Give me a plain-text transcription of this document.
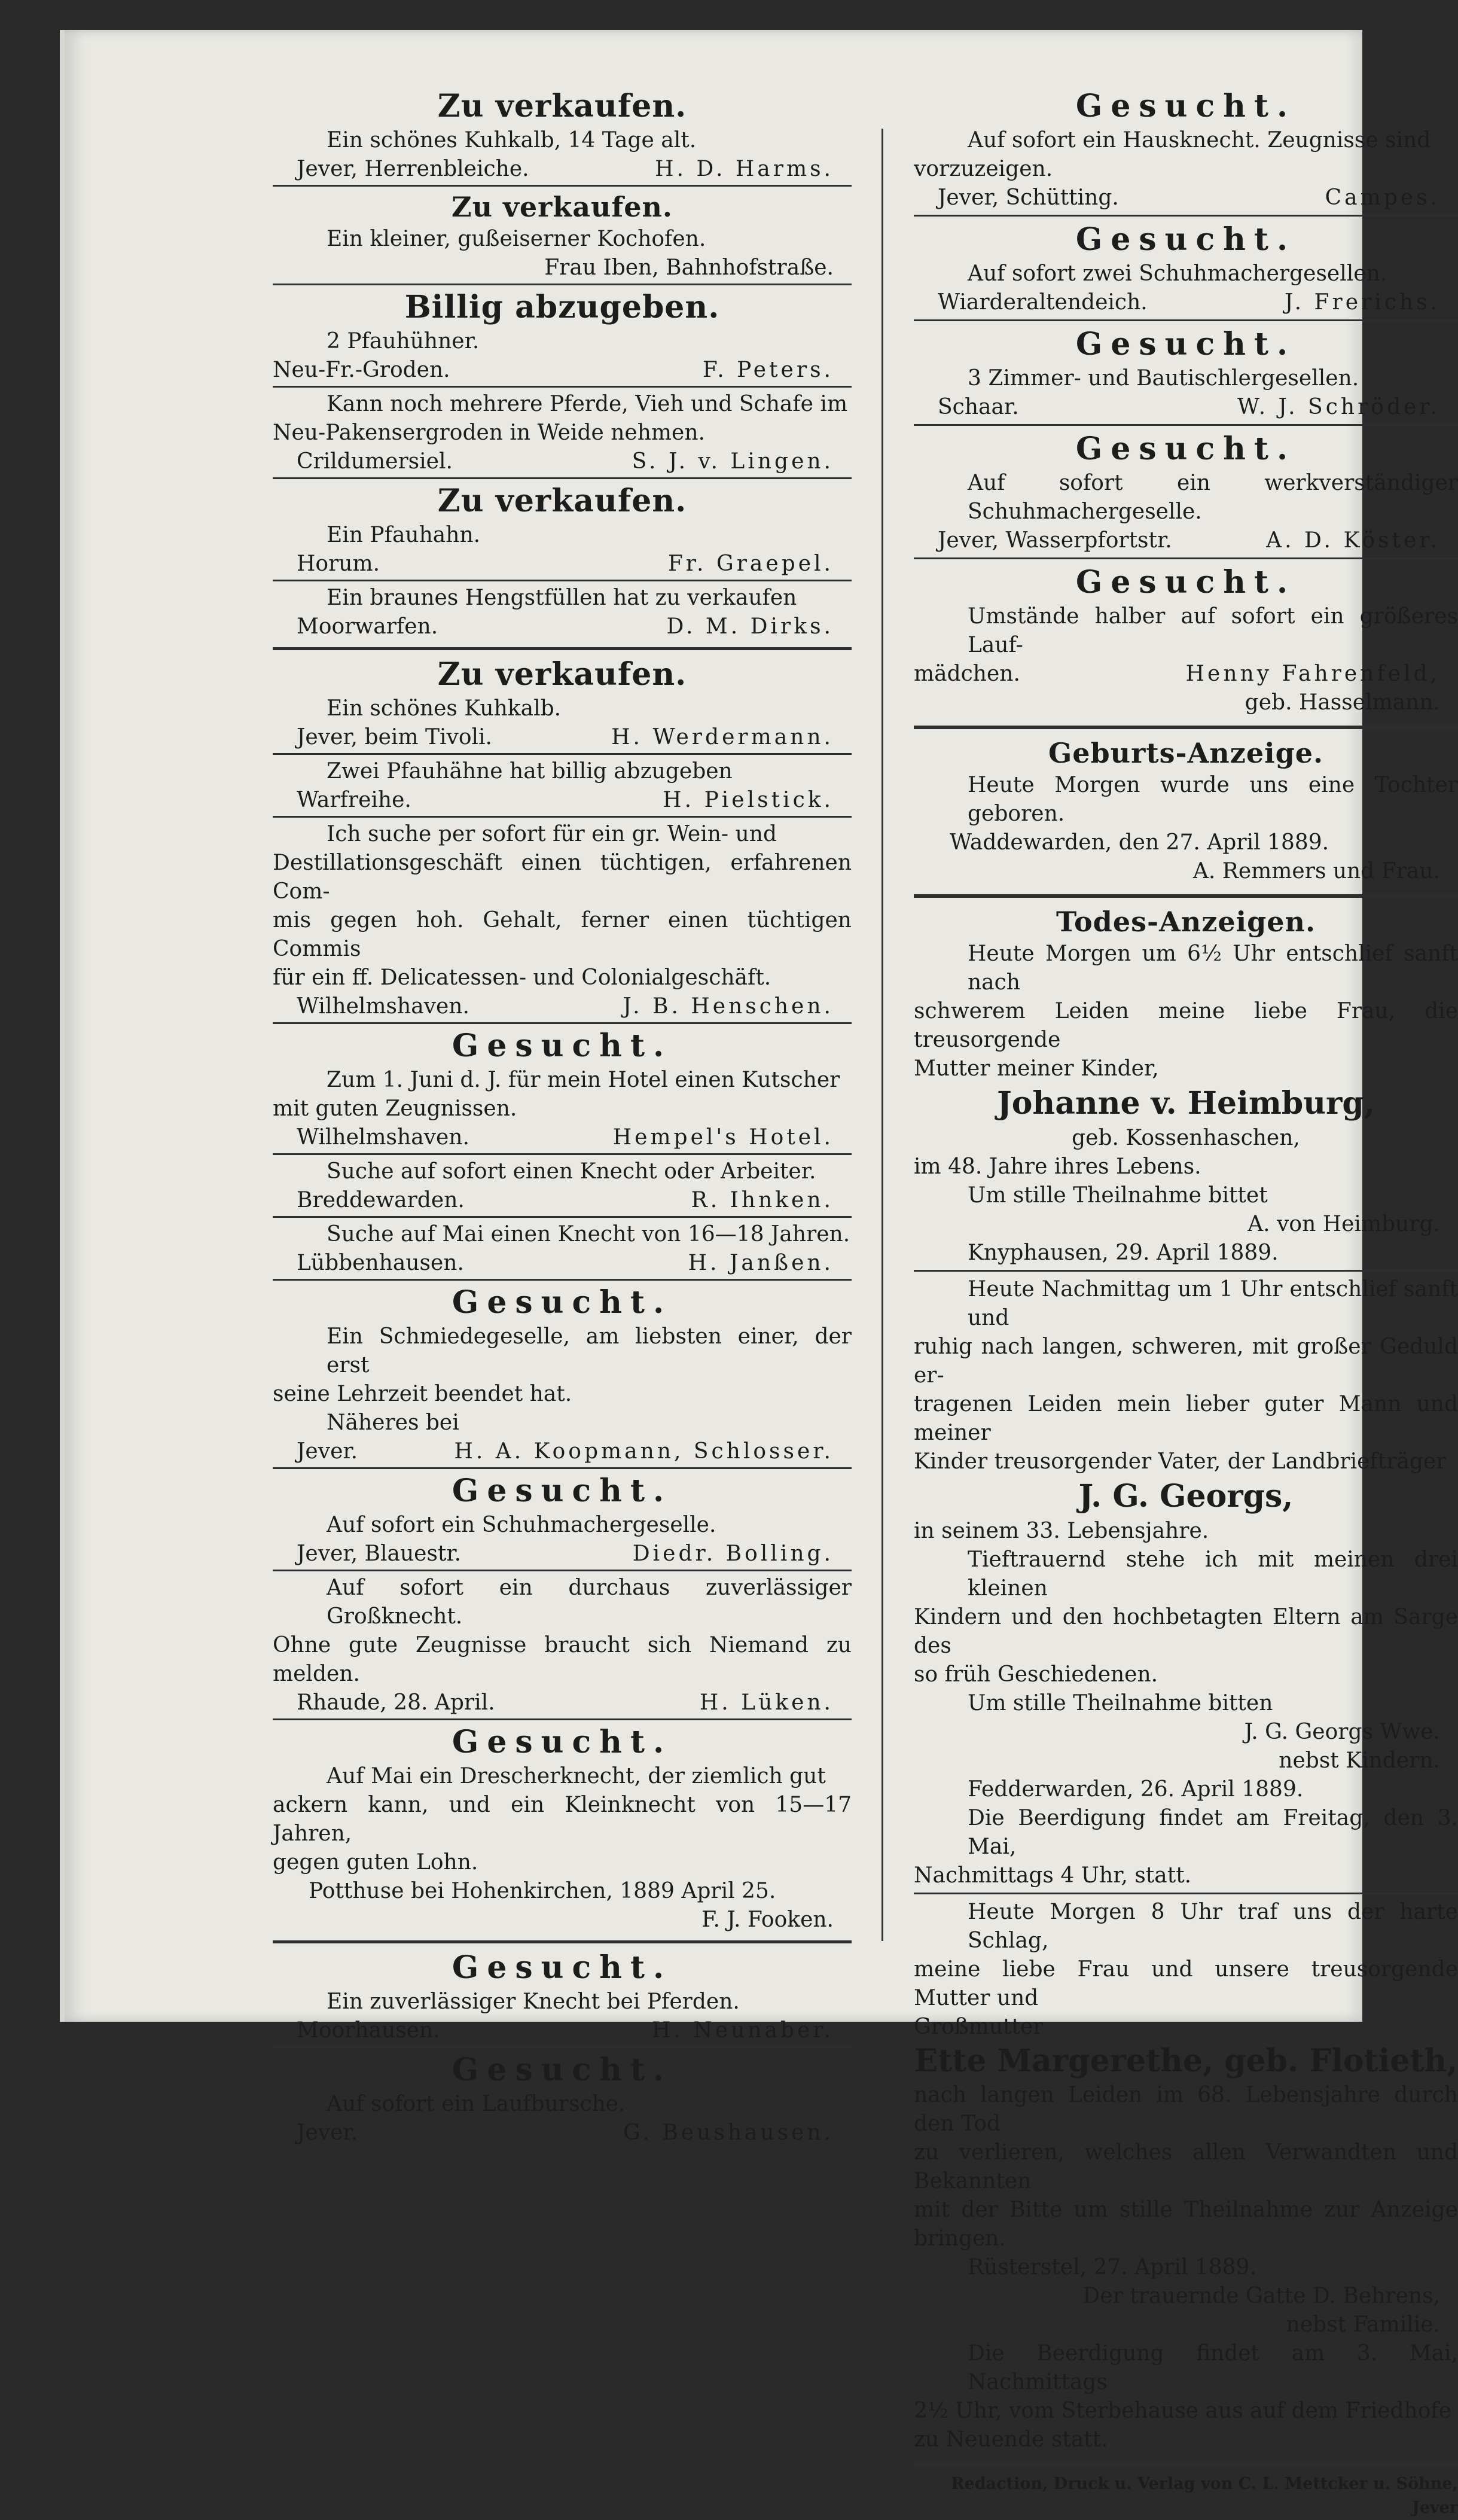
Zu verkaufen.
Ein schönes Kuhkalb, 14 Tage alt.
Jever, Herrenbleiche.	H. D. Harms.
Zu verkaufen.
Ein kleiner, gußeiserner Kochofen.
Frau Iben, Bahnhofstraße.
Billig abzugeben.
2 Pfauhühner.
Neu-Fr.-Groden.	F. Peters.
Kann noch mehrere Pferde, Vieh und Schafe im
Neu-Pakensergroden in Weide nehmen.
Crildumersiel.	S. J. v. Lingen.
Zu verkaufen.
Ein Pfauhahn.
Horum.	Fr. Graepel.
Ein braunes Hengstfüllen hat zu verkaufen
Moorwarfen.	D. M. Dirks.
Zu verkaufen.
Ein schönes Kuhkalb.
Jever, beim Tivoli.	H. Werdermann.
Zwei Pfauhähne hat billig abzugeben
Warfreihe.	H. Pielstick.
Ich suche per sofort für ein gr. Wein- und
Destillationsgeschäft einen tüchtigen, erfahrenen Com-
mis gegen hoh. Gehalt, ferner einen tüchtigen Commis
für ein ff. Delicatessen- und Colonialgeschäft.
Wilhelmshaven.	J. B. Henschen.
Gesucht.
Zum 1. Juni d. J. für mein Hotel einen Kutscher
mit guten Zeugnissen.
Wilhelmshaven.	Hempel's Hotel.
Suche auf sofort einen Knecht oder Arbeiter.
Breddewarden.	R. Ihnken.
Suche auf Mai einen Knecht von 16—18 Jahren.
Lübbenhausen.	H. Janßen.
Gesucht.
Ein Schmiedegeselle, am liebsten einer, der erst
seine Lehrzeit beendet hat.
Näheres bei
Jever.	H. A. Koopmann, Schlosser.
Gesucht.
Auf sofort ein Schuhmachergeselle.
Jever, Blauestr.	Diedr. Bolling.
Auf sofort ein durchaus zuverlässiger Großknecht.
Ohne gute Zeugnisse braucht sich Niemand zu melden.
Rhaude, 28. April.	H. Lüken.
Gesucht.
Auf Mai ein Drescherknecht, der ziemlich gut
ackern kann, und ein Kleinknecht von 15—17 Jahren,
gegen guten Lohn.
Potthuse bei Hohenkirchen, 1889 April 25.
F. J. Fooken.
Gesucht.
Ein zuverlässiger Knecht bei Pferden.
Moorhausen.	H. Neunaber.
Gesucht.
Auf sofort ein Laufbursche.
Jever.	G. Beushausen.
Gesucht.
Auf sofort ein Hausknecht. Zeugnisse sind
vorzuzeigen.
Jever, Schütting.	Campes.
Gesucht.
Auf sofort zwei Schuhmachergesellen.
Wiarderaltendeich.	J. Frerichs.
Gesucht.
3 Zimmer- und Bautischlergesellen.
Schaar.	W. J. Schröder.
Gesucht.
Auf sofort ein werkverständiger Schuhmachergeselle.
Jever, Wasserpfortstr.	A. D. Köster.
Gesucht.
Umstände halber auf sofort ein größeres Lauf-
mädchen.	Henny Fahrenfeld,
geb. Hasselmann.
Geburts-Anzeige.
Heute Morgen wurde uns eine Tochter geboren.
Waddewarden, den 27. April 1889.
A. Remmers und Frau.
Todes-Anzeigen.
Heute Morgen um 6½ Uhr entschlief sanft nach
schwerem Leiden meine liebe Frau, die treusorgende
Mutter meiner Kinder,
Johanne v. Heimburg,
geb. Kossenhaschen,
im 48. Jahre ihres Lebens.
Um stille Theilnahme bittet
A. von Heimburg.
Knyphausen, 29. April 1889.
Heute Nachmittag um 1 Uhr entschlief sanft und
ruhig nach langen, schweren, mit großer Geduld er-
tragenen Leiden mein lieber guter Mann und meiner
Kinder treusorgender Vater, der Landbriefträger
J. G. Georgs,
in seinem 33. Lebensjahre.
Tieftrauernd stehe ich mit meinen drei kleinen
Kindern und den hochbetagten Eltern am Sarge des
so früh Geschiedenen.
Um stille Theilnahme bitten
J. G. Georgs Wwe.
nebst Kindern.
Fedderwarden, 26. April 1889.
Die Beerdigung findet am Freitag, den 3. Mai,
Nachmittags 4 Uhr, statt.
Heute Morgen 8 Uhr traf uns der harte Schlag,
meine liebe Frau und unsere treusorgende Mutter und
Großmutter
Ette Margerethe, geb. Flotieth,
nach langen Leiden im 68. Lebensjahre durch den Tod
zu verlieren, welches allen Verwandten und Bekannten
mit der Bitte um stille Theilnahme zur Anzeige bringen.
Rüsterstel, 27. April 1889.
Der trauernde Gatte D. Behrens,
nebst Familie.
Die Beerdigung findet am 3. Mai, Nachmittags
2½ Uhr, vom Sterbehause aus auf dem Friedhofe
zu Neuende statt.
Redaction, Druck u. Verlag von C. L. Mettcker u. Söhne, Jever
